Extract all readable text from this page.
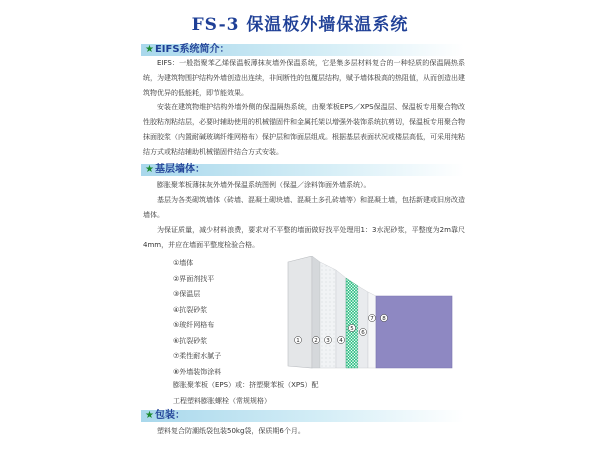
FS-3 保温板外墙保温系统
★EIFS系统简介：

EIFS：一般指聚苯乙烯保温板薄抹灰墙外保温系统，它是集多层材料复合的一种轻质的保温隔热系统，为建筑物围护结构外墙创造出连续，非间断性的包覆层结构，赋予墙体极高的热阻值，从而创造出建筑物优异的低能耗，即节能效果。

安装在建筑物维护结构外墙外侧的保温隔热系统，由聚苯板EPS／XPS保温层、保温板专用聚合物改性胶粘剂粘结层，必要时辅助使用的机械锚固件和金属托架以增强外装饰系统抗剪切，保温板专用聚合物抹面胶浆（内置耐碱玻璃纤维网格布）保护层和饰面层组成。根据基层表面状况或楼层高低，可采用纯粘结方式或粘结辅助机械锚固件结合方式安装。

★基层墙体：

膨胀聚苯板薄抹灰外墙外保温系统图例（保温／涂料饰面外墙系统）。

基层为各类砌筑墙体（砖墙、混凝土砌块墙、混凝土多孔砖墙等）和混凝土墙，包括新建或旧房改造墙体。

为保证质量，减少材料浪费，要求对不平整的墙面做好找平处理用1：3水泥砂浆，平整度为2m靠尺4mm，并应在墙面平整度检验合格。

①墙体
②界面剂找平
③保温层
④抗裂砂浆
⑤玻纤网格布
⑥抗裂砂浆
⑦柔性耐水腻子
⑧外墙装饰涂料
膨胀聚苯板（EPS）或：挤塑聚苯板（XPS）配
工程塑料膨胀螺栓（常规规格）
1	2 3 4
5
6
7 8
★包装：

塑料复合防潮纸袋包装50kg袋，保质期6个月。
